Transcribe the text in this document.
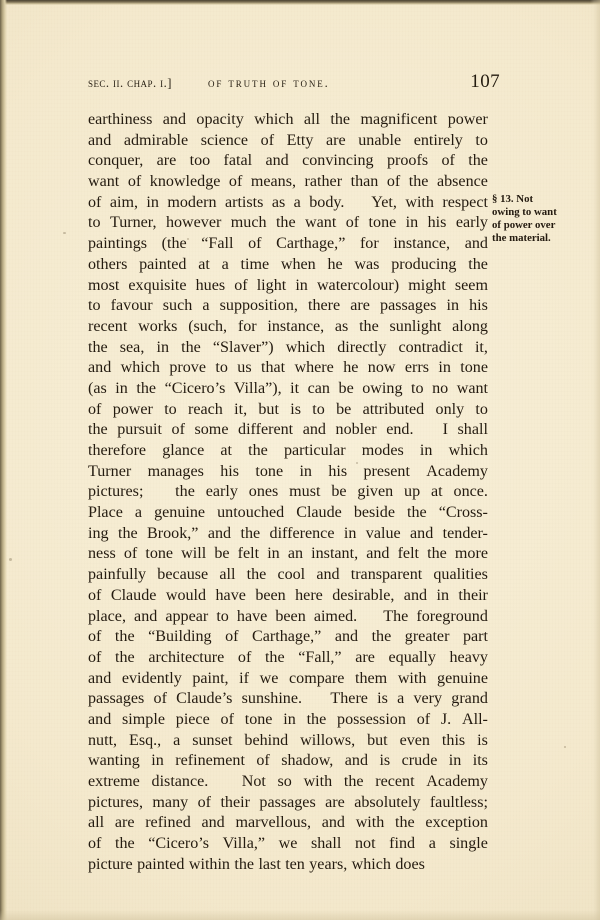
sec. ii. chap. i.]	of truth of tone.	107
earthiness and opacity which all the magnificent power
and admirable science of Etty are unable entirely to
conquer, are too fatal and convincing proofs of the
want of knowledge of means, rather than of the absence
of aim, in modern artists as a body.
Yet, with respect
to Turner, however much the want of tone in his early
paintings (the “Fall of Carthage,” for instance, and
others painted at a time when he was producing the
most exquisite hues of light in watercolour) might seem
to favour such a supposition, there are passages in his
recent works (such, for instance, as the sunlight along
the sea, in the “Slaver”) which directly contradict it,
and which prove to us that where he now errs in tone
(as in the “Cicero’s Villa”), it can be owing to no want
of power to reach it, but is to be attributed only to
the pursuit of some different and nobler end.
I shall
therefore glance at the particular modes in which
Turner manages his tone in his present Academy
pictures;
the early ones must be given up at once.
Place a genuine untouched Claude beside the “Cross-
ing the Brook,” and the difference in value and tender-
ness of tone will be felt in an instant, and felt the more
painfully because all the cool and transparent qualities
of Claude would have been here desirable, and in their
place, and appear to have been aimed.
The foreground
of the “Building of Carthage,” and the greater part
of the architecture of the “Fall,” are equally heavy
and evidently paint, if we compare them with genuine
passages of Claude’s sunshine.
There is a very grand
and simple piece of tone in the possession of J. All-
nutt, Esq., a sunset behind willows, but even this is
wanting in refinement of shadow, and is crude in its
extreme distance.
Not so with the recent Academy
pictures, many of their passages are absolutely faultless;
all are refined and marvellous, and with the exception
of the “Cicero’s Villa,” we shall not find a single
picture painted within the last ten years, which does
§ 13. Not
owing to want
of power over
the material.
